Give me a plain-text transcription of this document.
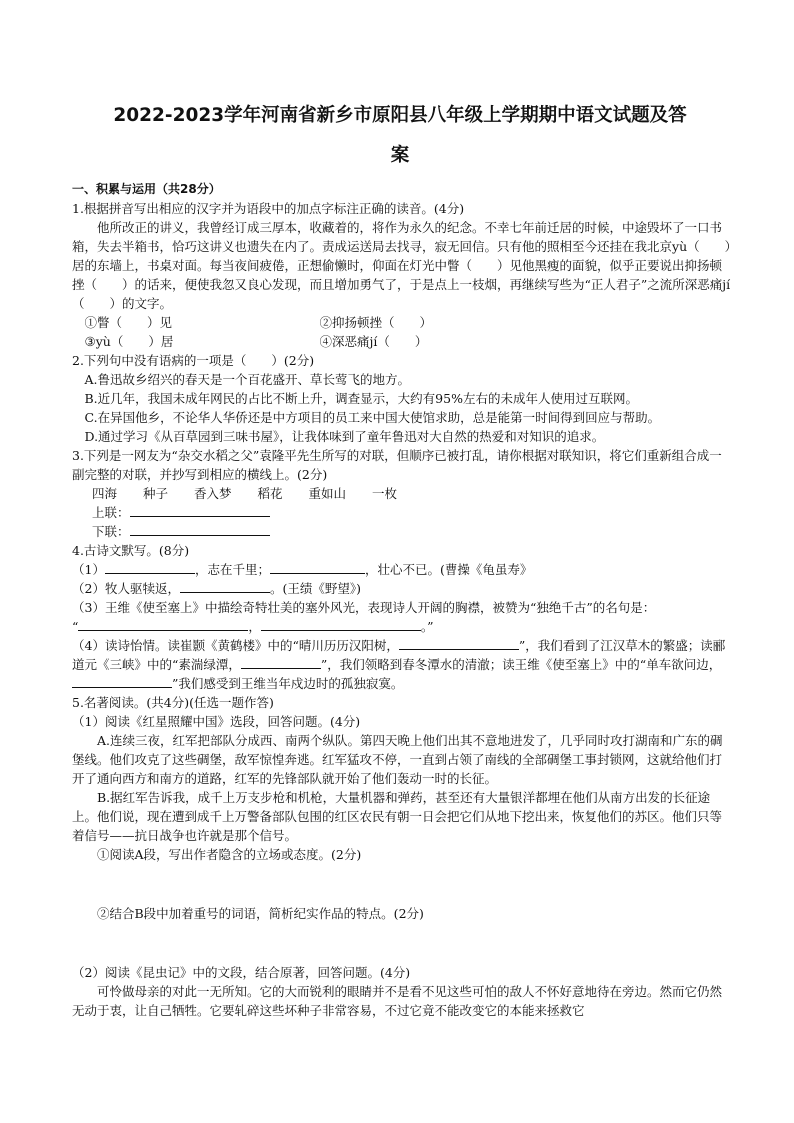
2022-2023学年河南省新乡市原阳县八年级上学期期中语文试题及答
案

一、积累与运用（共28分）

1.根据拼音写出相应的汉字并为语段中的加点字标注正确的读音。(4分)

他所改正的讲义，我曾经订成三厚本，收藏着的，将作为永久的纪念。不幸七年前迁居的时候，中途毁坏了一口书箱，失去半箱书，恰巧这讲义也遗失在内了。责成运送局去找寻，寂无回信。只有他的照相至今还挂在我北京yù（　　）居的东墙上，书桌对面。每当夜间疲倦，正想偷懒时，仰面在灯光中瞥（　　）见他黑瘦的面貌，似乎正要说出抑扬顿挫（　　）的话来，便使我忽又良心发现，而且增加勇气了，于是点上一枝烟，再继续写些为“正人君子”之流所深恶痛jí（　　）的文字。

①瞥（　　）见	②抑扬顿挫（　　）
③yù（　　）居	④深恶痛jí（　　）

2.下列句中没有语病的一项是（　　）(2分)

A.鲁迅故乡绍兴的春天是一个百花盛开、草长莺飞的地方。

B.近几年，我国未成年网民的占比不断上升，调查显示，大约有95%左右的未成年人使用过互联网。

C.在异国他乡，不论华人华侨还是中方项目的员工来中国大使馆求助，总是能第一时间得到回应与帮助。

D.通过学习《从百草园到三味书屋》，让我体味到了童年鲁迅对大自然的热爱和对知识的追求。

3.下列是一网友为“杂交水稻之父”袁隆平先生所写的对联，但顺序已被打乱，请你根据对联知识，将它们重新组合成一副完整的对联，并抄写到相应的横线上。(2分)

四海 种子 香入梦 稻花 重如山 一枚

上联：

下联：

4.古诗文默写。(8分)

（1）	，志在千里；	，壮心不已。(曹操《龟虽寿》

（2）牧人驱犊返，	。(王绩《野望》)

（3）王维《使至塞上》中描绘奇特壮美的塞外风光，表现诗人开阔的胸襟，被赞为“独绝千古”的名句是：

“	，	。”

（4）读诗怡情。读崔颢《黄鹤楼》中的“晴川历历汉阳树，	”，我们看到了江汉草木的繁盛；读郦道元《三峡》中的“素湍绿潭，	”，我们领略到春冬潭水的清澈；读王维《使至塞上》中的“单车欲问边，”我们感受到王维当年戍边时的孤独寂寞。

5.名著阅读。(共4分)(任选一题作答)

（1）阅读《红星照耀中国》选段，回答问题。(4分)

A.连续三夜，红军把部队分成西、南两个纵队。第四天晚上他们出其不意地进发了，几乎同时攻打湖南和广东的碉堡线。他们攻克了这些碉堡，敌军惊惶奔逃。红军猛攻不停，一直到占领了南线的全部碉堡工事封锁网，这就给他们打开了通向西方和南方的道路，红军的先锋部队就开始了他们轰动一时的长征。

B.据红军告诉我，成千上万支步枪和机枪，大量机器和弹药，甚至还有大量银洋都埋在他们从南方出发的长征途上。他们说，现在遭到成千上万警备部队包围的红区农民有朝一日会把它们从地下挖出来，恢复他们的苏区。他们只等着信号——抗日战争也许就是那个信号。

①阅读A段，写出作者隐含的立场或态度。(2分)

②结合B段中加着重号的词语，简析纪实作品的特点。(2分)

（2）阅读《昆虫记》中的文段，结合原著，回答问题。(4分)

可怜做母亲的对此一无所知。它的大而锐利的眼睛并不是看不见这些可怕的敌人不怀好意地待在旁边。然而它仍然无动于衷，让自己牺牲。它要轧碎这些坏种子非常容易，不过它竟不能改变它的本能来拯救它
